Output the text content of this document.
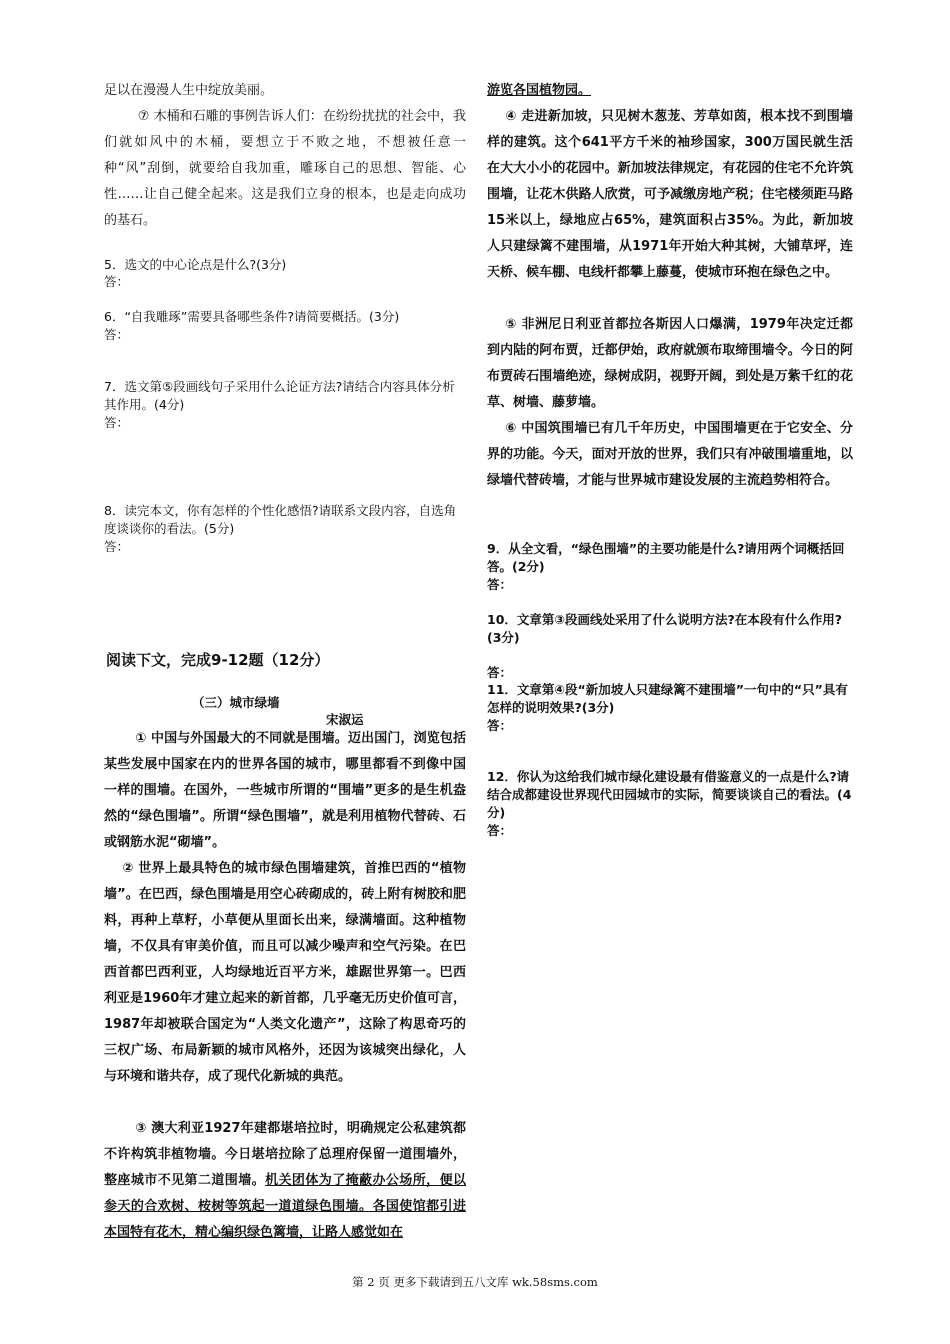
足以在漫漫人生中绽放美丽。

⑦ 木桶和石雕的事例告诉人们：在纷纷扰扰的社会中，我们就如风中的木桶，要想立于不败之地，不想被任意一种“风”刮倒，就要给自我加重，雕琢自己的思想、智能、心性……让自己健全起来。这是我们立身的根本，也是走向成功的基石。

5．选文的中心论点是什么?(3分)

答：

6．“自我雕琢”需要具备哪些条件?请简要概括。(3分)

答：

7．选文第⑤段画线句子采用什么论证方法?请结合内容具体分析其作用。(4分)

答：

8．读完本文，你有怎样的个性化感悟?请联系文段内容，自选角度谈谈你的看法。(5分)

答：

阅读下文，完成9-12题（12分）

（三）城市绿墙

宋淑运

① 中国与外国最大的不同就是围墙。迈出国门，浏览包括某些发展中国家在内的世界各国的城市，哪里都看不到像中国一样的围墙。在国外，一些城市所谓的“围墙”更多的是生机盎然的“绿色围墙”。所谓“绿色围墙”，就是利用植物代替砖、石或钢筋水泥“砌墙”。

② 世界上最具特色的城市绿色围墙建筑，首推巴西的“植物墙”。在巴西，绿色围墙是用空心砖砌成的，砖上附有树胶和肥料，再种上草籽，小草便从里面长出来，绿满墙面。这种植物墙，不仅具有审美价值，而且可以减少噪声和空气污染。在巴西首都巴西利亚，人均绿地近百平方米，雄踞世界第一。巴西利亚是1960年才建立起来的新首都，几乎毫无历史价值可言，1987年却被联合国定为“人类文化遗产”，这除了构思奇巧的三权广场、布局新颖的城市风格外，还因为该城突出绿化，人与环境和谐共存，成了现代化新城的典范。

③ 澳大利亚1927年建都堪培拉时，明确规定公私建筑都不许构筑非植物墙。今日堪培拉除了总理府保留一道围墙外，整座城市不见第二道围墙。机关团体为了掩蔽办公场所，便以参天的合欢树、桉树等筑起一道道绿色围墙。各国使馆都引进本国特有花木，精心编织绿色篱墙，让路人感觉如在

游览各国植物园。

④ 走进新加坡，只见树木葱茏、芳草如茵，根本找不到围墙样的建筑。这个641平方千米的袖珍国家，300万国民就生活在大大小小的花园中。新加坡法律规定，有花园的住宅不允许筑围墙，让花木供路人欣赏，可予减缴房地产税；住宅楼须距马路15米以上，绿地应占65%，建筑面积占35%。为此，新加坡人只建绿篱不建围墙，从1971年开始大种其树，大铺草坪，连天桥、候车棚、电线杆都攀上藤蔓，使城市环抱在绿色之中。

⑤ 非洲尼日利亚首都拉各斯因人口爆满，1979年决定迁都到内陆的阿布贾，迁都伊始，政府就颁布取缔围墙令。今日的阿布贾砖石围墙绝迹，绿树成阴，视野开阔，到处是万紫千红的花草、树墙、藤萝墙。

⑥ 中国筑围墙已有几千年历史，中国围墙更在于它安全、分界的功能。今天，面对开放的世界，我们只有冲破围墙重地，以绿墙代替砖墙，才能与世界城市建设发展的主流趋势相符合。

9．从全文看，“绿色围墙”的主要功能是什么?请用两个词概括回答。(2分)

答：

10．文章第③段画线处采用了什么说明方法?在本段有什么作用?(3分)

答：

11．文章第④段“新加坡人只建绿篱不建围墙”一句中的“只”具有怎样的说明效果?(3分)

答：

12．你认为这给我们城市绿化建设最有借鉴意义的一点是什么?请结合成都建设世界现代田园城市的实际，简要谈谈自己的看法。(4分)

答：

第 2 页 更多下载请到五八文库 wk.58sms.com
